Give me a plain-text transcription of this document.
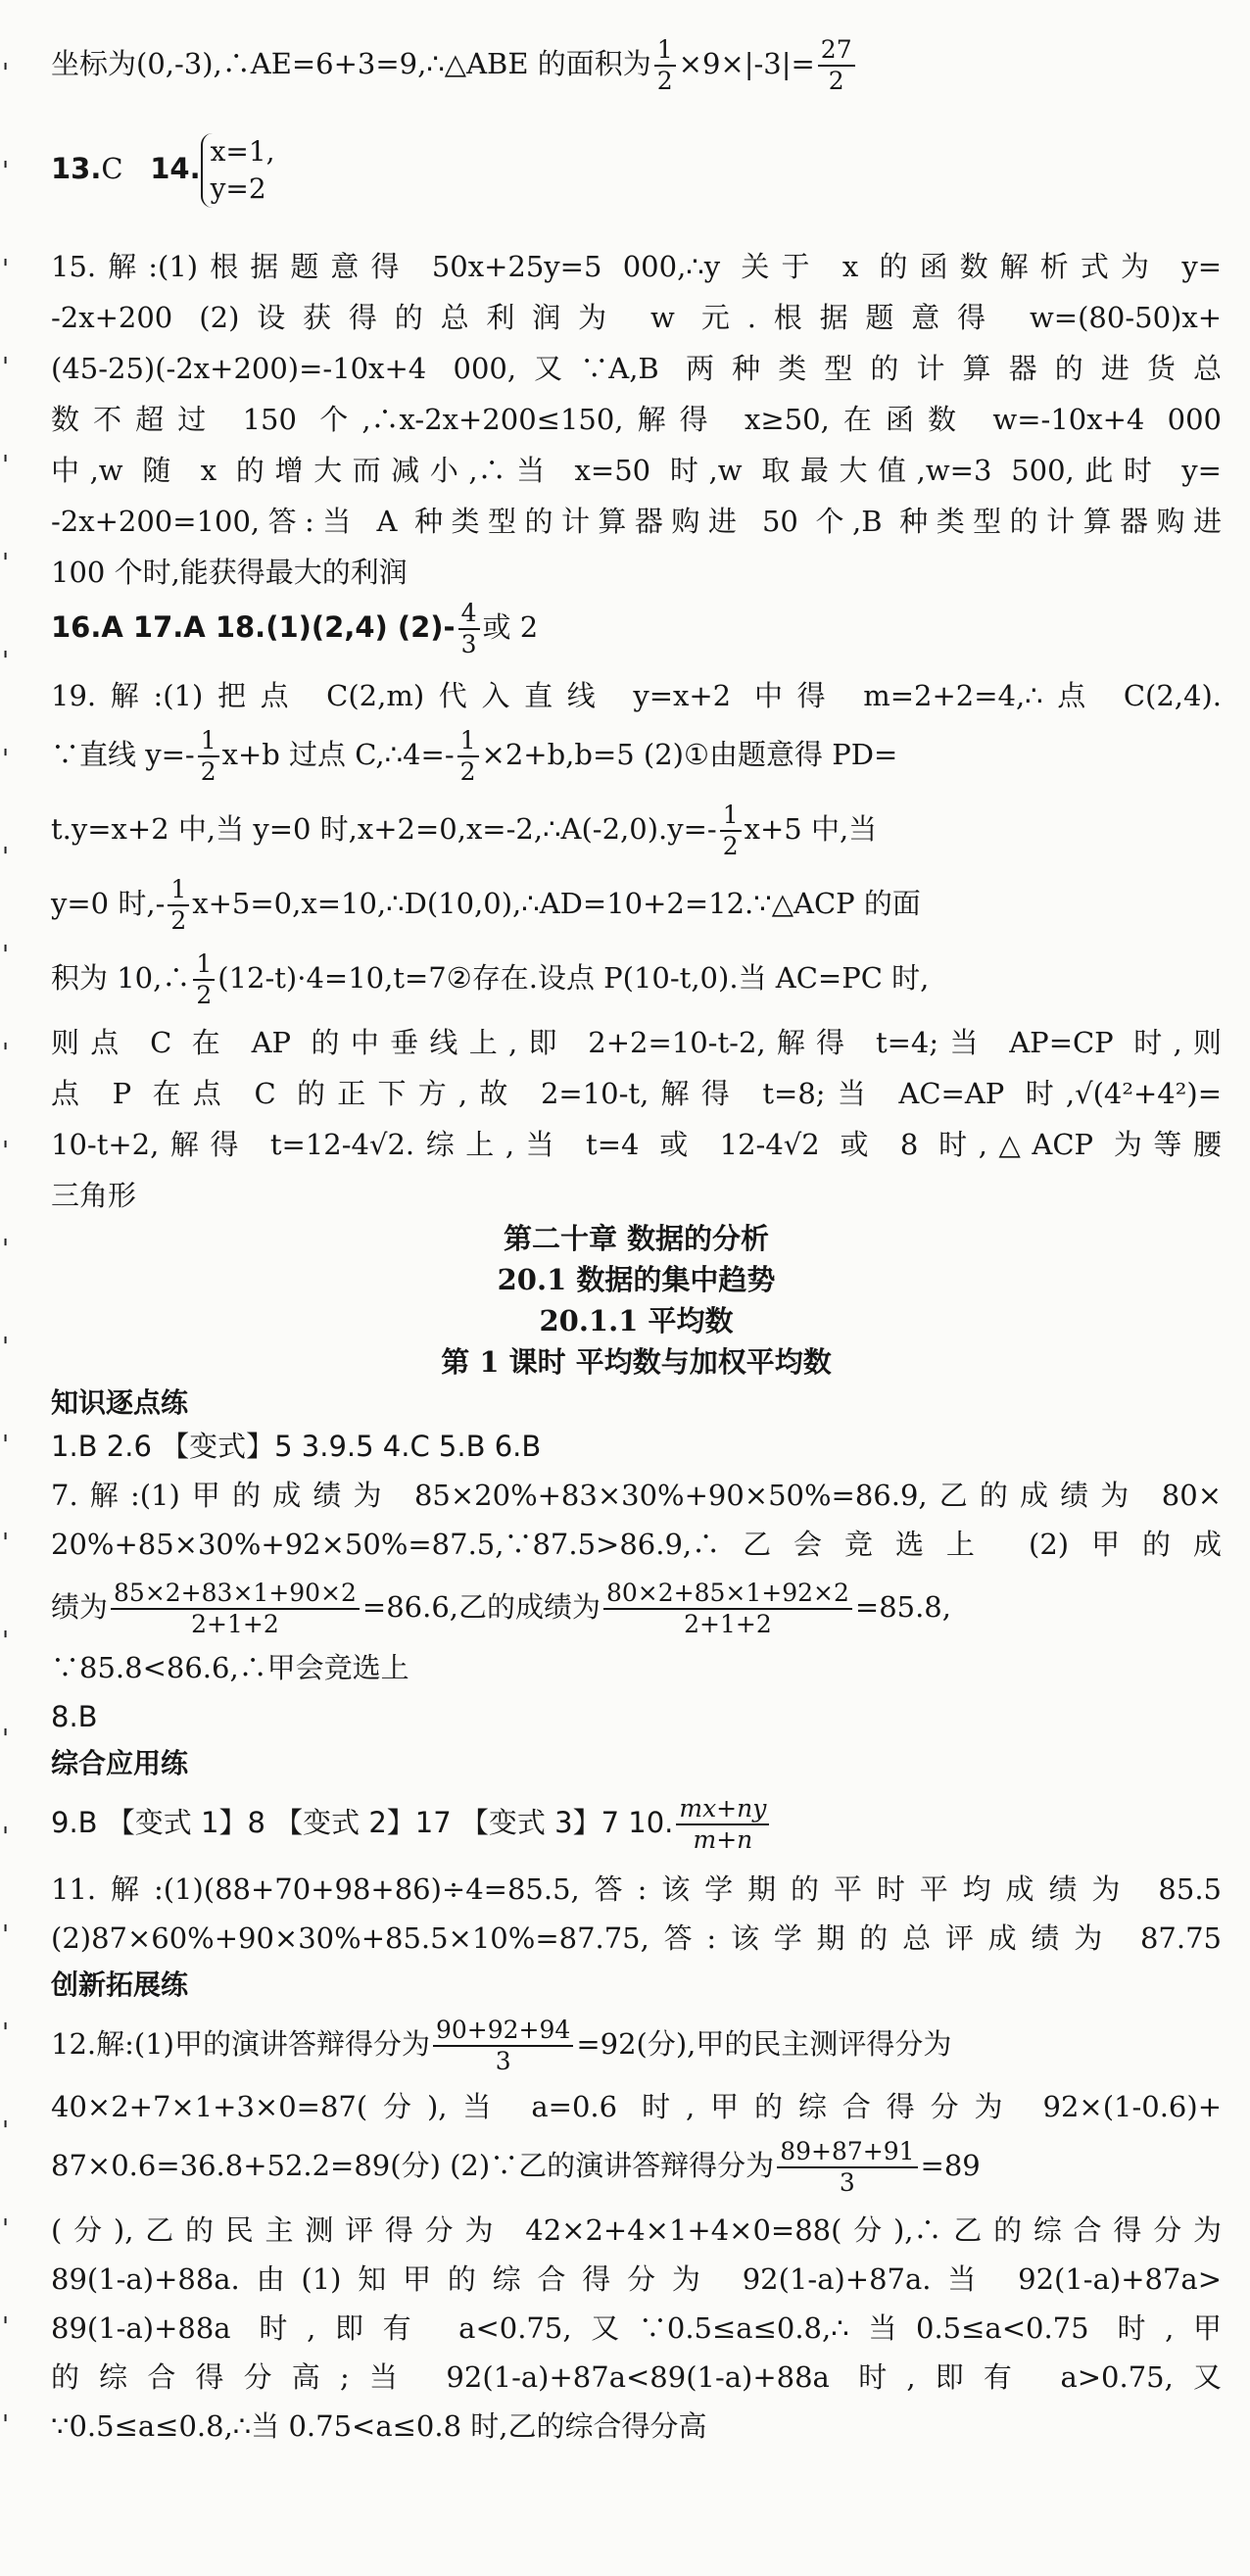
'
'
'
'
'
'
'
'
'
'
'
'
'
'
'
'
'
'
'
'
'
'
'
'
'
坐标为(0,-3),∴AE=6+3=9,∴△ABE 的面积为 $\frac{1}{2} \times 9\times|-3|= \frac{27}{2}$
13.C 14.
x=1,
y=2
15.解:(1)根据题意得 50x+25y=5 000,∴y 关于 x 的函数解析式为 y=
-2x+200 (2)设获得的总利润为 w 元.根据题意得 w=(80-50)x+
(45-25)(-2x+200)=-10x+4 000,又∵A,B 两种类型的计算器的进货总
数不超过 150 个,∴x-2x+200≤150,解得 x≥50,在函数 w=-10x+4 000
中,w 随 x 的增大而减小,∴当 x=50 时,w 取最大值,w=3 500,此时 y=
-2x+200=100,答:当 A 种类型的计算器购进 50 个,B 种类型的计算器购进
100 个时,能获得最大的利润
16.A 17.A 18.(1)(2,4) $(2)- \frac{4}{3}$ 或 2
19.解:(1)把点 C(2,m)代入直线 y=x+2 中得 m=2+2=4,∴点 C(2,4).
∵直线 $y=- \frac{1}{2} x+b$ 过点 C,∴4=- $\frac{1}{2} \times 2+b,b=5$ (2)①由题意得 PD=
t.y=x+2 中,当 y=0 时,x+2=0,x=-2,∴A(-2,0).y=- $\frac{1}{2} x+5$ 中,当
y=0 时,- $\frac{1}{2}$ x+5=0,x=10,∴D(10,0),∴AD=10+2=12.∵△ACP 的面
积为 10,∴ $\frac{1}{2}$ (12-t)·4=10,t=7②存在.设点 P(10-t,0).当 AC=PC 时,
则点 C 在 AP 的中垂线上,即 2+2=10-t-2,解得 t=4;当 AP=CP 时,则
点 P 在点 C 的正下方,故 2=10-t,解得 t=8;当 AC=AP 时,√(4²+4²)=
10-t+2,解得 t=12-4√2.综上,当 t=4 或 12-4√2 或 8 时,△ACP 为等腰
三角形
第二十章 数据的分析
20.1 数据的集中趋势
20.1.1 平均数
第 1 课时 平均数与加权平均数
知识逐点练
1.B 2.6 【变式】5 3.9.5 4.C 5.B 6.B
7.解:(1)甲的成绩为 85×20%+83×30%+90×50%=86.9,乙的成绩为 80×
20%+85×30%+92×50%=87.5,∵87.5>86.9,∴乙会竞选上 (2)甲的成
绩为 $\frac{85\times 2+83\times 1+90\times 2}{2+1+2} =86.6$,乙的成绩为 $\frac{80\times 2+85\times 1+92\times 2}{2+1+2} =85.8$,
∵85.8<86.6,∴甲会竞选上
8.B
综合应用练
9.B 【变式 1】8 【变式 2】17 【变式 3】7 10. $\frac{mx+ny}{m+n}$
11.解:(1)(88+70+98+86)÷4=85.5,答:该学期的平时平均成绩为 85.5
(2)87×60%+90×30%+85.5×10%=87.75,答:该学期的总评成绩为 87.75
创新拓展练
12.解:(1)甲的演讲答辩得分为 $\frac{90+92+94}{3} =92$(分),甲的民主测评得分为
40×2+7×1+3×0=87(分),当 a=0.6 时,甲的综合得分为 92×(1-0.6)+
87×0.6=36.8+52.2=89(分) (2)∵乙的演讲答辩得分为 $\frac{89+87+91}{3} =89$
(分),乙的民主测评得分为 42×2+4×1+4×0=88(分),∴乙的综合得分为
89(1-a)+88a.由(1)知甲的综合得分为 92(1-a)+87a.当 92(1-a)+87a>
89(1-a)+88a 时,即有 a<0.75,又∵0.5≤a≤0.8,∴当0.5≤a<0.75 时,甲
的综合得分高;当 92(1-a)+87a<89(1-a)+88a 时,即有 a>0.75,又
∵0.5≤a≤0.8,∴当 0.75<a≤0.8 时,乙的综合得分高
